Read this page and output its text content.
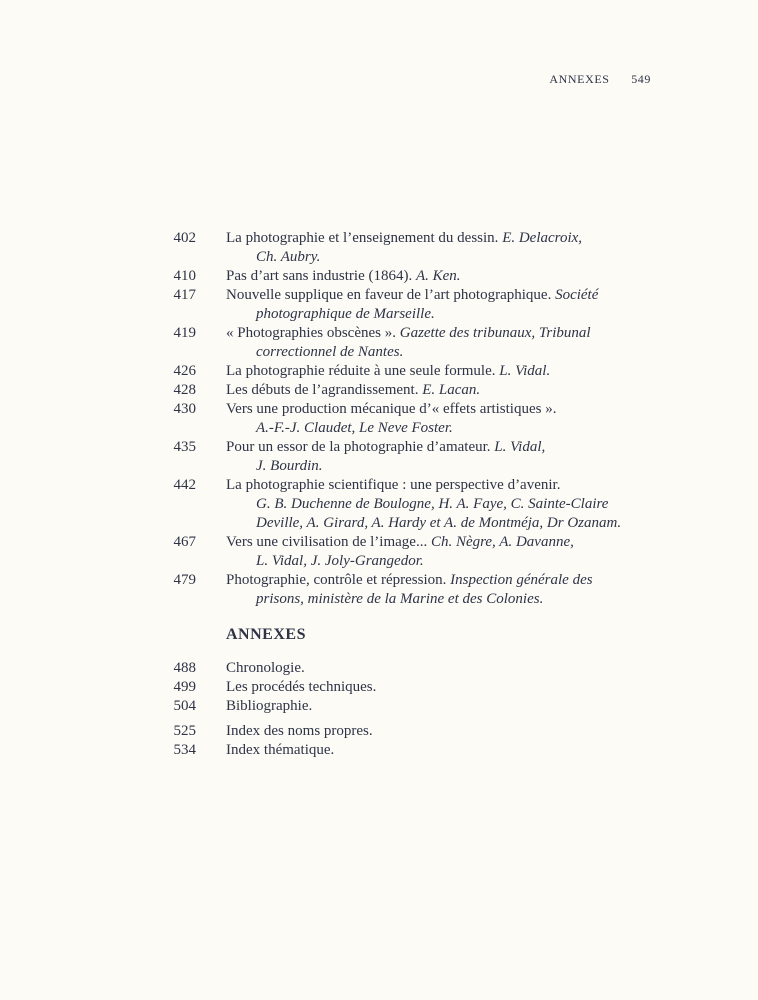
ANNEXES 549
402 La photographie et l’enseignement du dessin. E. Delacroix,
Ch. Aubry.
410 Pas d’art sans industrie (1864). A. Ken.
417 Nouvelle supplique en faveur de l’art photographique. Société
photographique de Marseille.
419 « Photographies obscènes ». Gazette des tribunaux, Tribunal
correctionnel de Nantes.
426 La photographie réduite à une seule formule. L. Vidal.
428 Les débuts de l’agrandissement. E. Lacan.
430 Vers une production mécanique d’« effets artistiques ».
A.-F.-J. Claudet, Le Neve Foster.
435 Pour un essor de la photographie d’amateur. L. Vidal,
J. Bourdin.
442 La photographie scientifique : une perspective d’avenir.
G. B. Duchenne de Boulogne, H. A. Faye, C. Sainte-Claire
Deville, A. Girard, A. Hardy et A. de Montméja, Dr Ozanam.
467 Vers une civilisation de l’image... Ch. Nègre, A. Davanne,
L. Vidal, J. Joly-Grangedor.
479 Photographie, contrôle et répression. Inspection générale des
prisons, ministère de la Marine et des Colonies.
ANNEXES
488 Chronologie.
499 Les procédés techniques.
504 Bibliographie.
525 Index des noms propres.
534 Index thématique.
